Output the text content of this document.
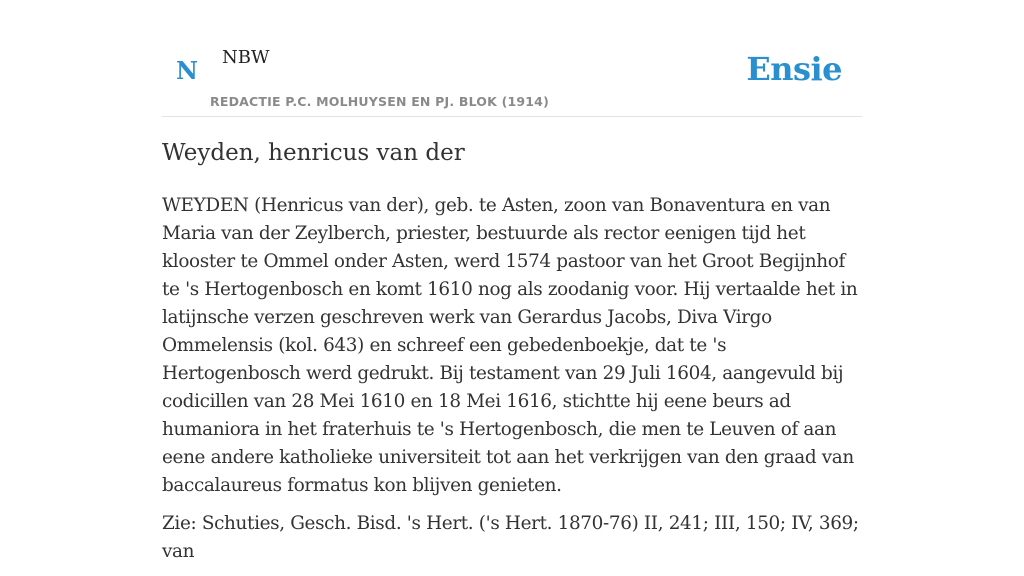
N NBW	Ensie
REDACTIE P.C. MOLHUYSEN EN PJ. BLOK (1914)
Weyden, henricus van der

WEYDEN (Henricus van der), geb. te Asten, zoon van Bonaventura en van Maria van der Zeylberch, priester, bestuurde als rector eenigen tijd het klooster te Ommel onder Asten, werd 1574 pastoor van het Groot Begijnhof te 's Hertogenbosch en komt 1610 nog als zoodanig voor. Hij vertaalde het in latijnsche verzen geschreven werk van Gerardus Jacobs, Diva Virgo Ommelensis (kol. 643) en schreef een gebedenboekje, dat te 's Hertogenbosch werd gedrukt. Bij testament van 29 Juli 1604, aangevuld bij codicillen van 28 Mei 1610 en 18 Mei 1616, stichtte hij eene beurs ad humaniora in het fraterhuis te 's Hertogenbosch, die men te Leuven of aan eene andere katholieke universiteit tot aan het verkrijgen van den graad van baccalaureus formatus kon blijven genieten.

Zie: Schuties, Gesch. Bisd. 's Hert. ('s Hert. 1870-76) II, 241; III, 150; IV, 369; van
